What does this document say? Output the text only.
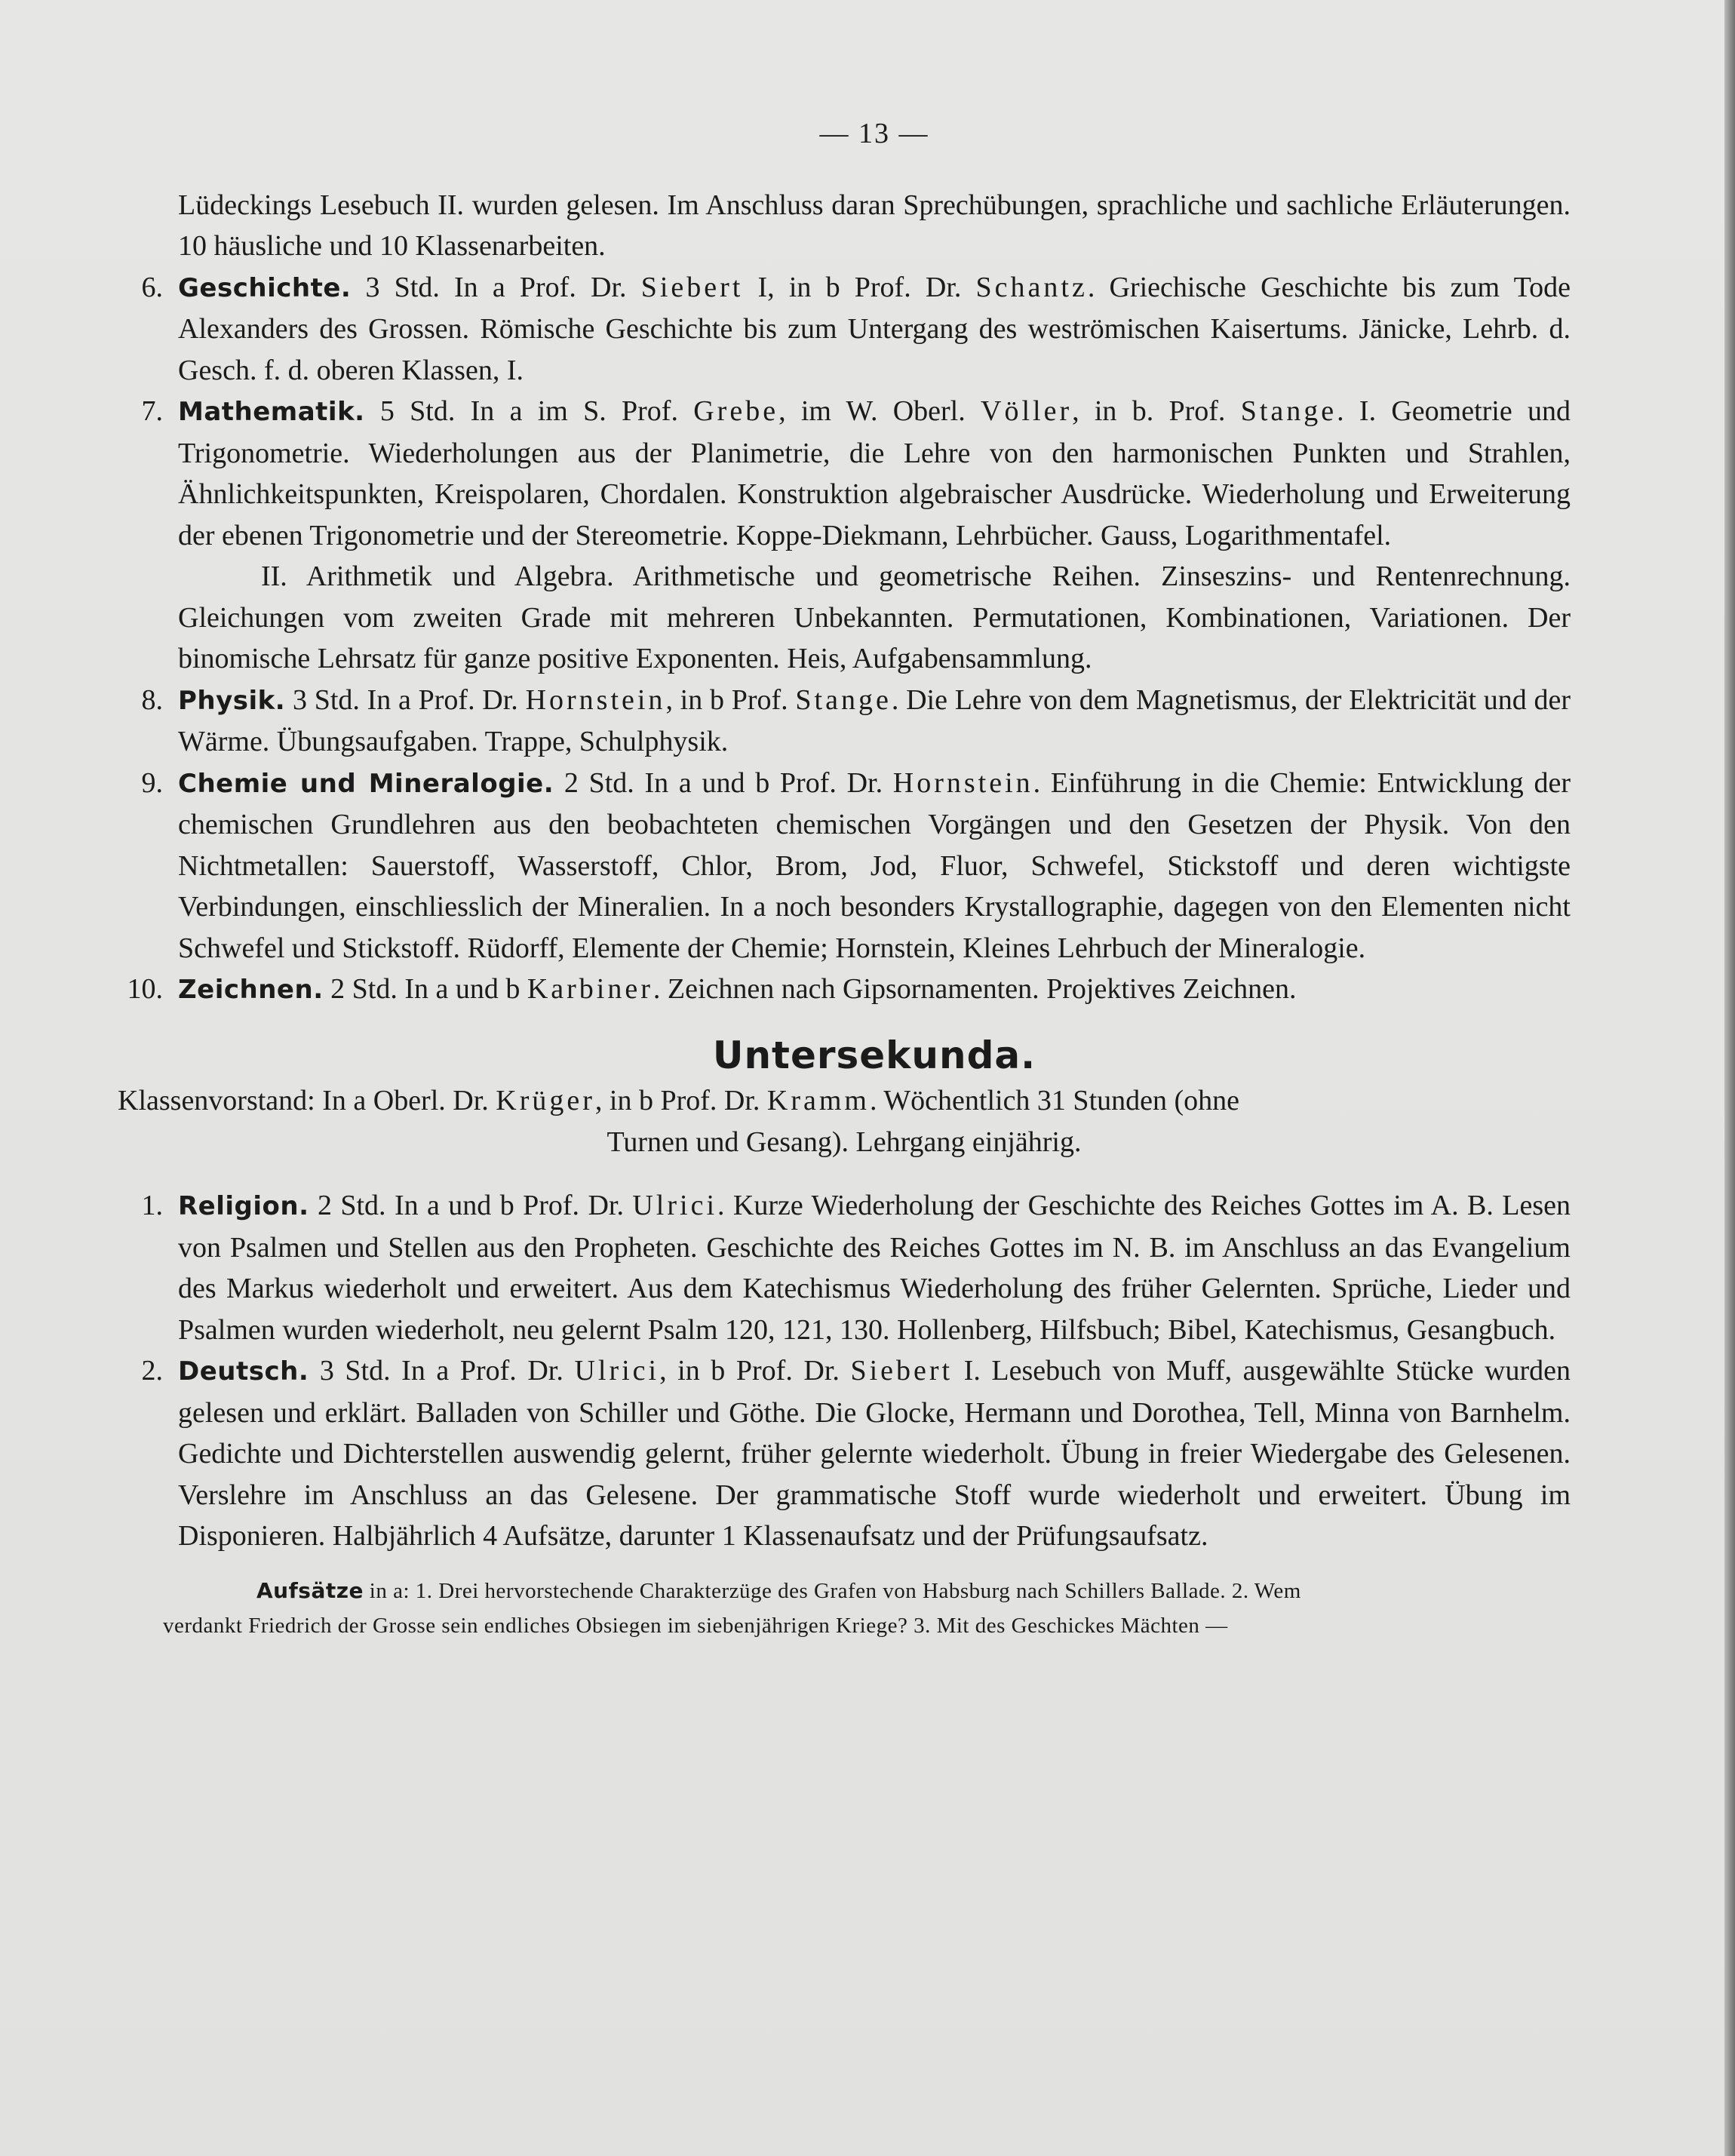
— 13 —

Lüdeckings Lesebuch II. wurden gelesen. Im Anschluss daran Sprechübungen, sprachliche und sachliche Erläuterungen. 10 häusliche und 10 Klassenarbeiten.

6. Geschichte. 3 Std. In a Prof. Dr. Siebert I, in b Prof. Dr. Schantz. Griechische Geschichte bis zum Tode Alexanders des Grossen. Römische Geschichte bis zum Untergang des weströmischen Kaisertums. Jänicke, Lehrb. d. Gesch. f. d. oberen Klassen, I.

7. Mathematik. 5 Std. In a im S. Prof. Grebe, im W. Oberl. Völler, in b. Prof. Stange. I. Geometrie und Trigonometrie. Wiederholungen aus der Planimetrie, die Lehre von den harmonischen Punkten und Strahlen, Ähnlichkeitspunkten, Kreispolaren, Chordalen. Konstruktion algebraischer Ausdrücke. Wiederholung und Erweiterung der ebenen Trigonometrie und der Stereometrie. Koppe-Diekmann, Lehrbücher. Gauss, Logarithmentafel.

II. Arithmetik und Algebra. Arithmetische und geometrische Reihen. Zinseszins- und Rentenrechnung. Gleichungen vom zweiten Grade mit mehreren Unbekannten. Permutationen, Kombinationen, Variationen. Der binomische Lehrsatz für ganze positive Exponenten. Heis, Aufgabensammlung.

8. Physik. 3 Std. In a Prof. Dr. Hornstein, in b Prof. Stange. Die Lehre von dem Magnetismus, der Elektricität und der Wärme. Übungsaufgaben. Trappe, Schulphysik.

9. Chemie und Mineralogie. 2 Std. In a und b Prof. Dr. Hornstein. Einführung in die Chemie: Entwicklung der chemischen Grundlehren aus den beobachteten chemischen Vorgängen und den Gesetzen der Physik. Von den Nichtmetallen: Sauerstoff, Wasserstoff, Chlor, Brom, Jod, Fluor, Schwefel, Stickstoff und deren wichtigste Verbindungen, einschliesslich der Mineralien. In a noch besonders Krystallographie, dagegen von den Elementen nicht Schwefel und Stickstoff. Rüdorff, Elemente der Chemie; Hornstein, Kleines Lehrbuch der Mineralogie.

10. Zeichnen. 2 Std. In a und b Karbiner. Zeichnen nach Gipsornamenten. Projektives Zeichnen.

Untersekunda.

Klassenvorstand: In a Oberl. Dr. Krüger, in b Prof. Dr. Kramm. Wöchentlich 31 Stunden (ohne

Turnen und Gesang). Lehrgang einjährig.

1. Religion. 2 Std. In a und b Prof. Dr. Ulrici. Kurze Wiederholung der Geschichte des Reiches Gottes im A. B. Lesen von Psalmen und Stellen aus den Propheten. Geschichte des Reiches Gottes im N. B. im Anschluss an das Evangelium des Markus wiederholt und erweitert. Aus dem Katechismus Wiederholung des früher Gelernten. Sprüche, Lieder und Psalmen wurden wiederholt, neu gelernt Psalm 120, 121, 130. Hollenberg, Hilfsbuch; Bibel, Katechismus, Gesangbuch.

2. Deutsch. 3 Std. In a Prof. Dr. Ulrici, in b Prof. Dr. Siebert I. Lesebuch von Muff, ausgewählte Stücke wurden gelesen und erklärt. Balladen von Schiller und Göthe. Die Glocke, Hermann und Dorothea, Tell, Minna von Barnhelm. Gedichte und Dichterstellen auswendig gelernt, früher gelernte wiederholt. Übung in freier Wiedergabe des Gelesenen. Verslehre im Anschluss an das Gelesene. Der grammatische Stoff wurde wiederholt und erweitert. Übung im Disponieren. Halbjährlich 4 Aufsätze, darunter 1 Klassenaufsatz und der Prüfungsaufsatz.

Aufsätze in a: 1. Drei hervorstechende Charakterzüge des Grafen von Habsburg nach Schillers Ballade. 2. Wem
verdankt Friedrich der Grosse sein endliches Obsiegen im siebenjährigen Kriege? 3. Mit des Geschickes Mächten —
